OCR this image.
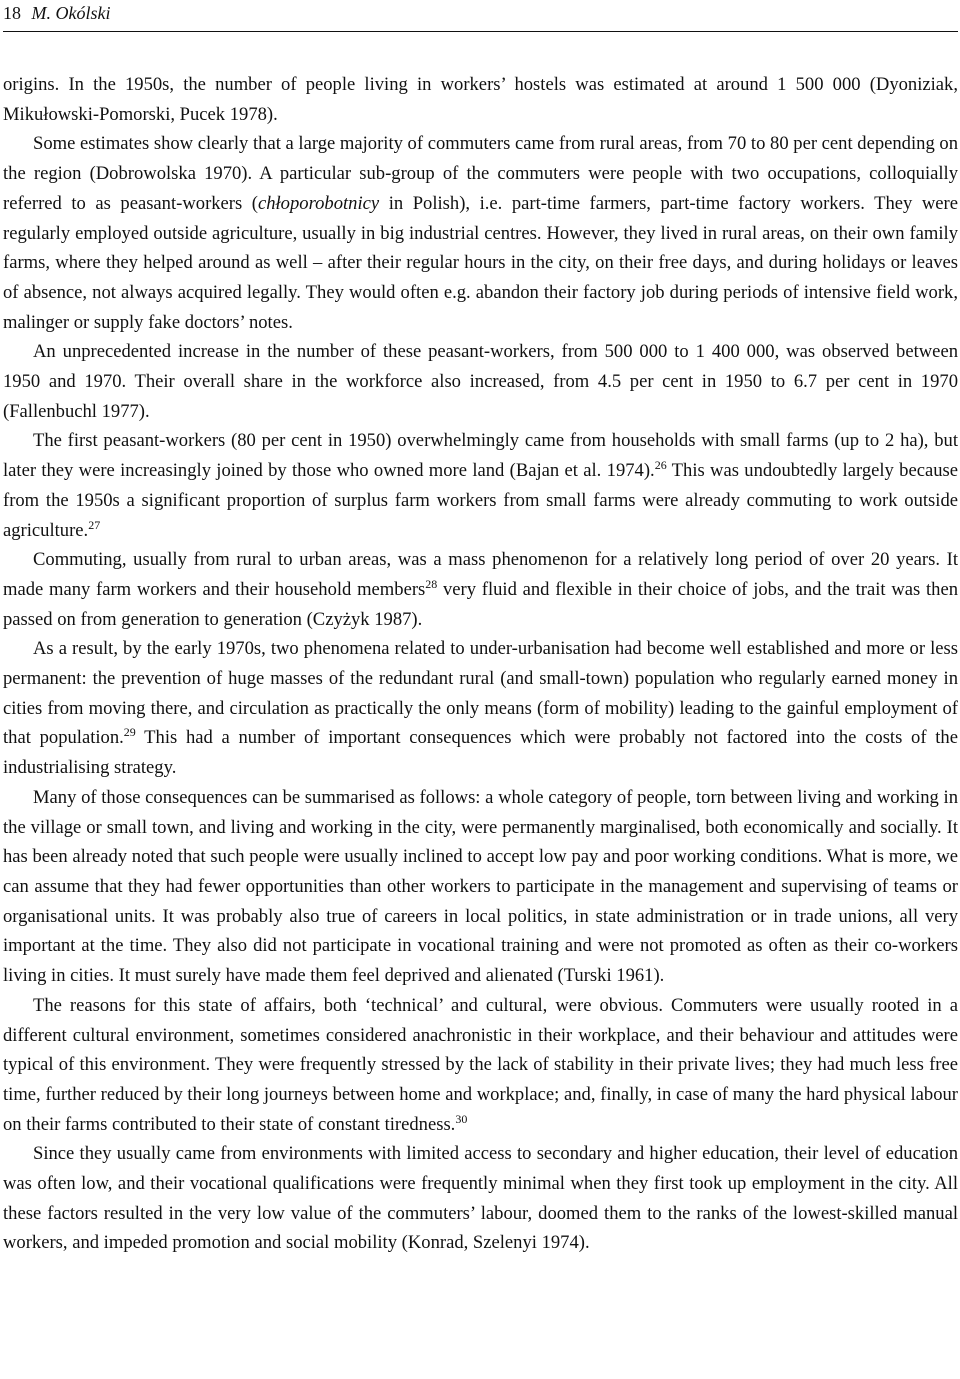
18 M. Okólski

origins. In the 1950s, the number of people living in workers’ hostels was estimated at around 1 500 000 (Dyoniziak, Mikułowski-Pomorski, Pucek 1978).

Some estimates show clearly that a large majority of commuters came from rural areas, from 70 to 80 per cent depending on the region (Dobrowolska 1970). A particular sub-group of the commuters were people with two occupations, colloquially referred to as peasant-workers (chłoporobotnicy in Polish), i.e. part-time farmers, part-time factory workers. They were regularly employed outside agriculture, usually in big industrial centres. However, they lived in rural areas, on their own family farms, where they helped around as well – after their regular hours in the city, on their free days, and during holidays or leaves of absence, not always acquired legally. They would often e.g. abandon their factory job during periods of intensive field work, malinger or supply fake doctors’ notes.

An unprecedented increase in the number of these peasant-workers, from 500 000 to 1 400 000, was observed between 1950 and 1970. Their overall share in the workforce also increased, from 4.5 per cent in 1950 to 6.7 per cent in 1970 (Fallenbuchl 1977).

The first peasant-workers (80 per cent in 1950) overwhelmingly came from households with small farms (up to 2 ha), but later they were increasingly joined by those who owned more land (Bajan et al. 1974).$^{26}$ This was undoubtedly largely because from the 1950s a significant proportion of surplus farm workers from small farms were already commuting to work outside agriculture.$^{27}$

Commuting, usually from rural to urban areas, was a mass phenomenon for a relatively long period of over 20 years. It made many farm workers and their household members$^{28}$ very fluid and flexible in their choice of jobs, and the trait was then passed on from generation to generation (Czyżyk 1987).

As a result, by the early 1970s, two phenomena related to under-urbanisation had become well established and more or less permanent: the prevention of huge masses of the redundant rural (and small-town) population who regularly earned money in cities from moving there, and circulation as practically the only means (form of mobility) leading to the gainful employment of that population.$^{29}$ This had a number of important consequences which were probably not factored into the costs of the industrialising strategy.

Many of those consequences can be summarised as follows: a whole category of people, torn between living and working in the village or small town, and living and working in the city, were permanently marginalised, both economically and socially. It has been already noted that such people were usually inclined to accept low pay and poor working conditions. What is more, we can assume that they had fewer opportunities than other workers to participate in the management and supervising of teams or organisational units. It was probably also true of careers in local politics, in state administration or in trade unions, all very important at the time. They also did not participate in vocational training and were not promoted as often as their co-workers living in cities. It must surely have made them feel deprived and alienated (Turski 1961).

The reasons for this state of affairs, both ‘technical’ and cultural, were obvious. Commuters were usually rooted in a different cultural environment, sometimes considered anachronistic in their workplace, and their behaviour and attitudes were typical of this environment. They were frequently stressed by the lack of stability in their private lives; they had much less free time, further reduced by their long journeys between home and workplace; and, finally, in case of many the hard physical labour on their farms contributed to their state of constant tiredness.$^{30}$

Since they usually came from environments with limited access to secondary and higher education, their level of education was often low, and their vocational qualifications were frequently minimal when they first took up employment in the city. All these factors resulted in the very low value of the commuters’ labour, doomed them to the ranks of the lowest-skilled manual workers, and impeded promotion and social mobility (Konrad, Szelenyi 1974).
